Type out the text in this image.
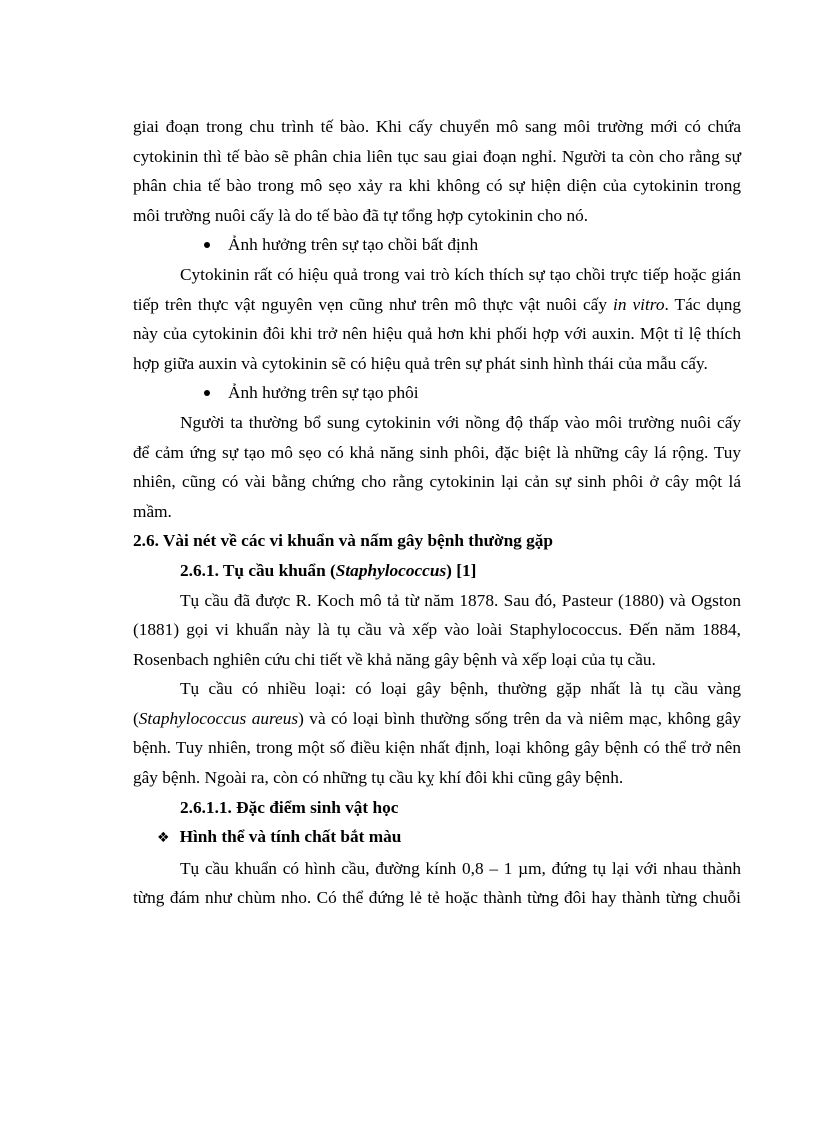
giai đoạn trong chu trình tế bào. Khi cấy chuyển mô sang môi trường mới có chứa

cytokinin thì tế bào sẽ phân chia liên tục sau giai đoạn nghỉ. Người ta còn cho rằng sự

phân chia tế bào trong mô sẹo xảy ra khi không có sự hiện diện của cytokinin trong

môi trường nuôi cấy là do tế bào đã tự tổng hợp cytokinin cho nó.

Ảnh hưởng trên sự tạo chồi bất định

Cytokinin rất có hiệu quả trong vai trò kích thích sự tạo chồi trực tiếp hoặc gián

tiếp trên thực vật nguyên vẹn cũng như trên mô thực vật nuôi cấy in vitro. Tác dụng

này của cytokinin đôi khi trở nên hiệu quả hơn khi phối hợp với auxin. Một tỉ lệ thích

hợp giữa auxin và cytokinin sẽ có hiệu quả trên sự phát sinh hình thái của mẫu cấy.

Ảnh hưởng trên sự tạo phôi

Người ta thường bổ sung cytokinin với nồng độ thấp vào môi trường nuôi cấy

để cảm ứng sự tạo mô sẹo có khả năng sinh phôi, đặc biệt là những cây lá rộng. Tuy

nhiên, cũng có vài bằng chứng cho rằng cytokinin lại cản sự sinh phôi ở cây một lá

mầm.

2.6. Vài nét về các vi khuẩn và nấm gây bệnh thường gặp

2.6.1. Tụ cầu khuẩn (Staphylococcus) [1]

Tụ cầu đã được R. Koch mô tả từ năm 1878. Sau đó, Pasteur (1880) và Ogston

(1881) gọi vi khuẩn này là tụ cầu và xếp vào loài Staphylococcus. Đến năm 1884,

Rosenbach nghiên cứu chi tiết về khả năng gây bệnh và xếp loại của tụ cầu.

Tụ cầu có nhiều loại: có loại gây bệnh, thường gặp nhất là tụ cầu vàng

(Staphylococcus aureus) và có loại bình thường sống trên da và niêm mạc, không gây

bệnh. Tuy nhiên, trong một số điều kiện nhất định, loại không gây bệnh có thể trở nên

gây bệnh. Ngoài ra, còn có những tụ cầu kỵ khí đôi khi cũng gây bệnh.

2.6.1.1. Đặc điểm sinh vật học

❖ Hình thể và tính chất bắt màu

Tụ cầu khuẩn có hình cầu, đường kính 0,8 – 1 µm, đứng tụ lại với nhau thành

từng đám như chùm nho. Có thể đứng lẻ tẻ hoặc thành từng đôi hay thành từng chuỗi
